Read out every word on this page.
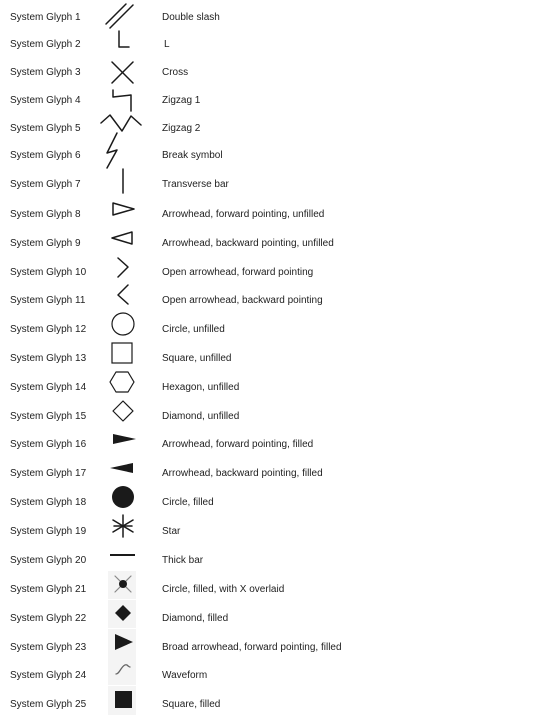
System Glyph 1	Double slash
System Glyph 2	L
System Glyph 3	Cross
System Glyph 4	Zigzag 1
System Glyph 5	Zigzag 2
System Glyph 6	Break symbol
System Glyph 7	Transverse bar
System Glyph 8	Arrowhead, forward pointing, unfilled
System Glyph 9	Arrowhead, backward pointing, unfilled
System Glyph 10	Open arrowhead, forward pointing
System Glyph 11	Open arrowhead, backward pointing
System Glyph 12	Circle, unfilled
System Glyph 13	Square, unfilled
System Glyph 14	Hexagon, unfilled
System Glyph 15	Diamond, unfilled
System Glyph 16	Arrowhead, forward pointing, filled
System Glyph 17	Arrowhead, backward pointing, filled
System Glyph 18	Circle, filled
System Glyph 19	Star
System Glyph 20	Thick bar
System Glyph 21	Circle, filled, with X overlaid
System Glyph 22	Diamond, filled
System Glyph 23	Broad arrowhead, forward pointing, filled
System Glyph 24	Waveform
System Glyph 25	Square, filled
